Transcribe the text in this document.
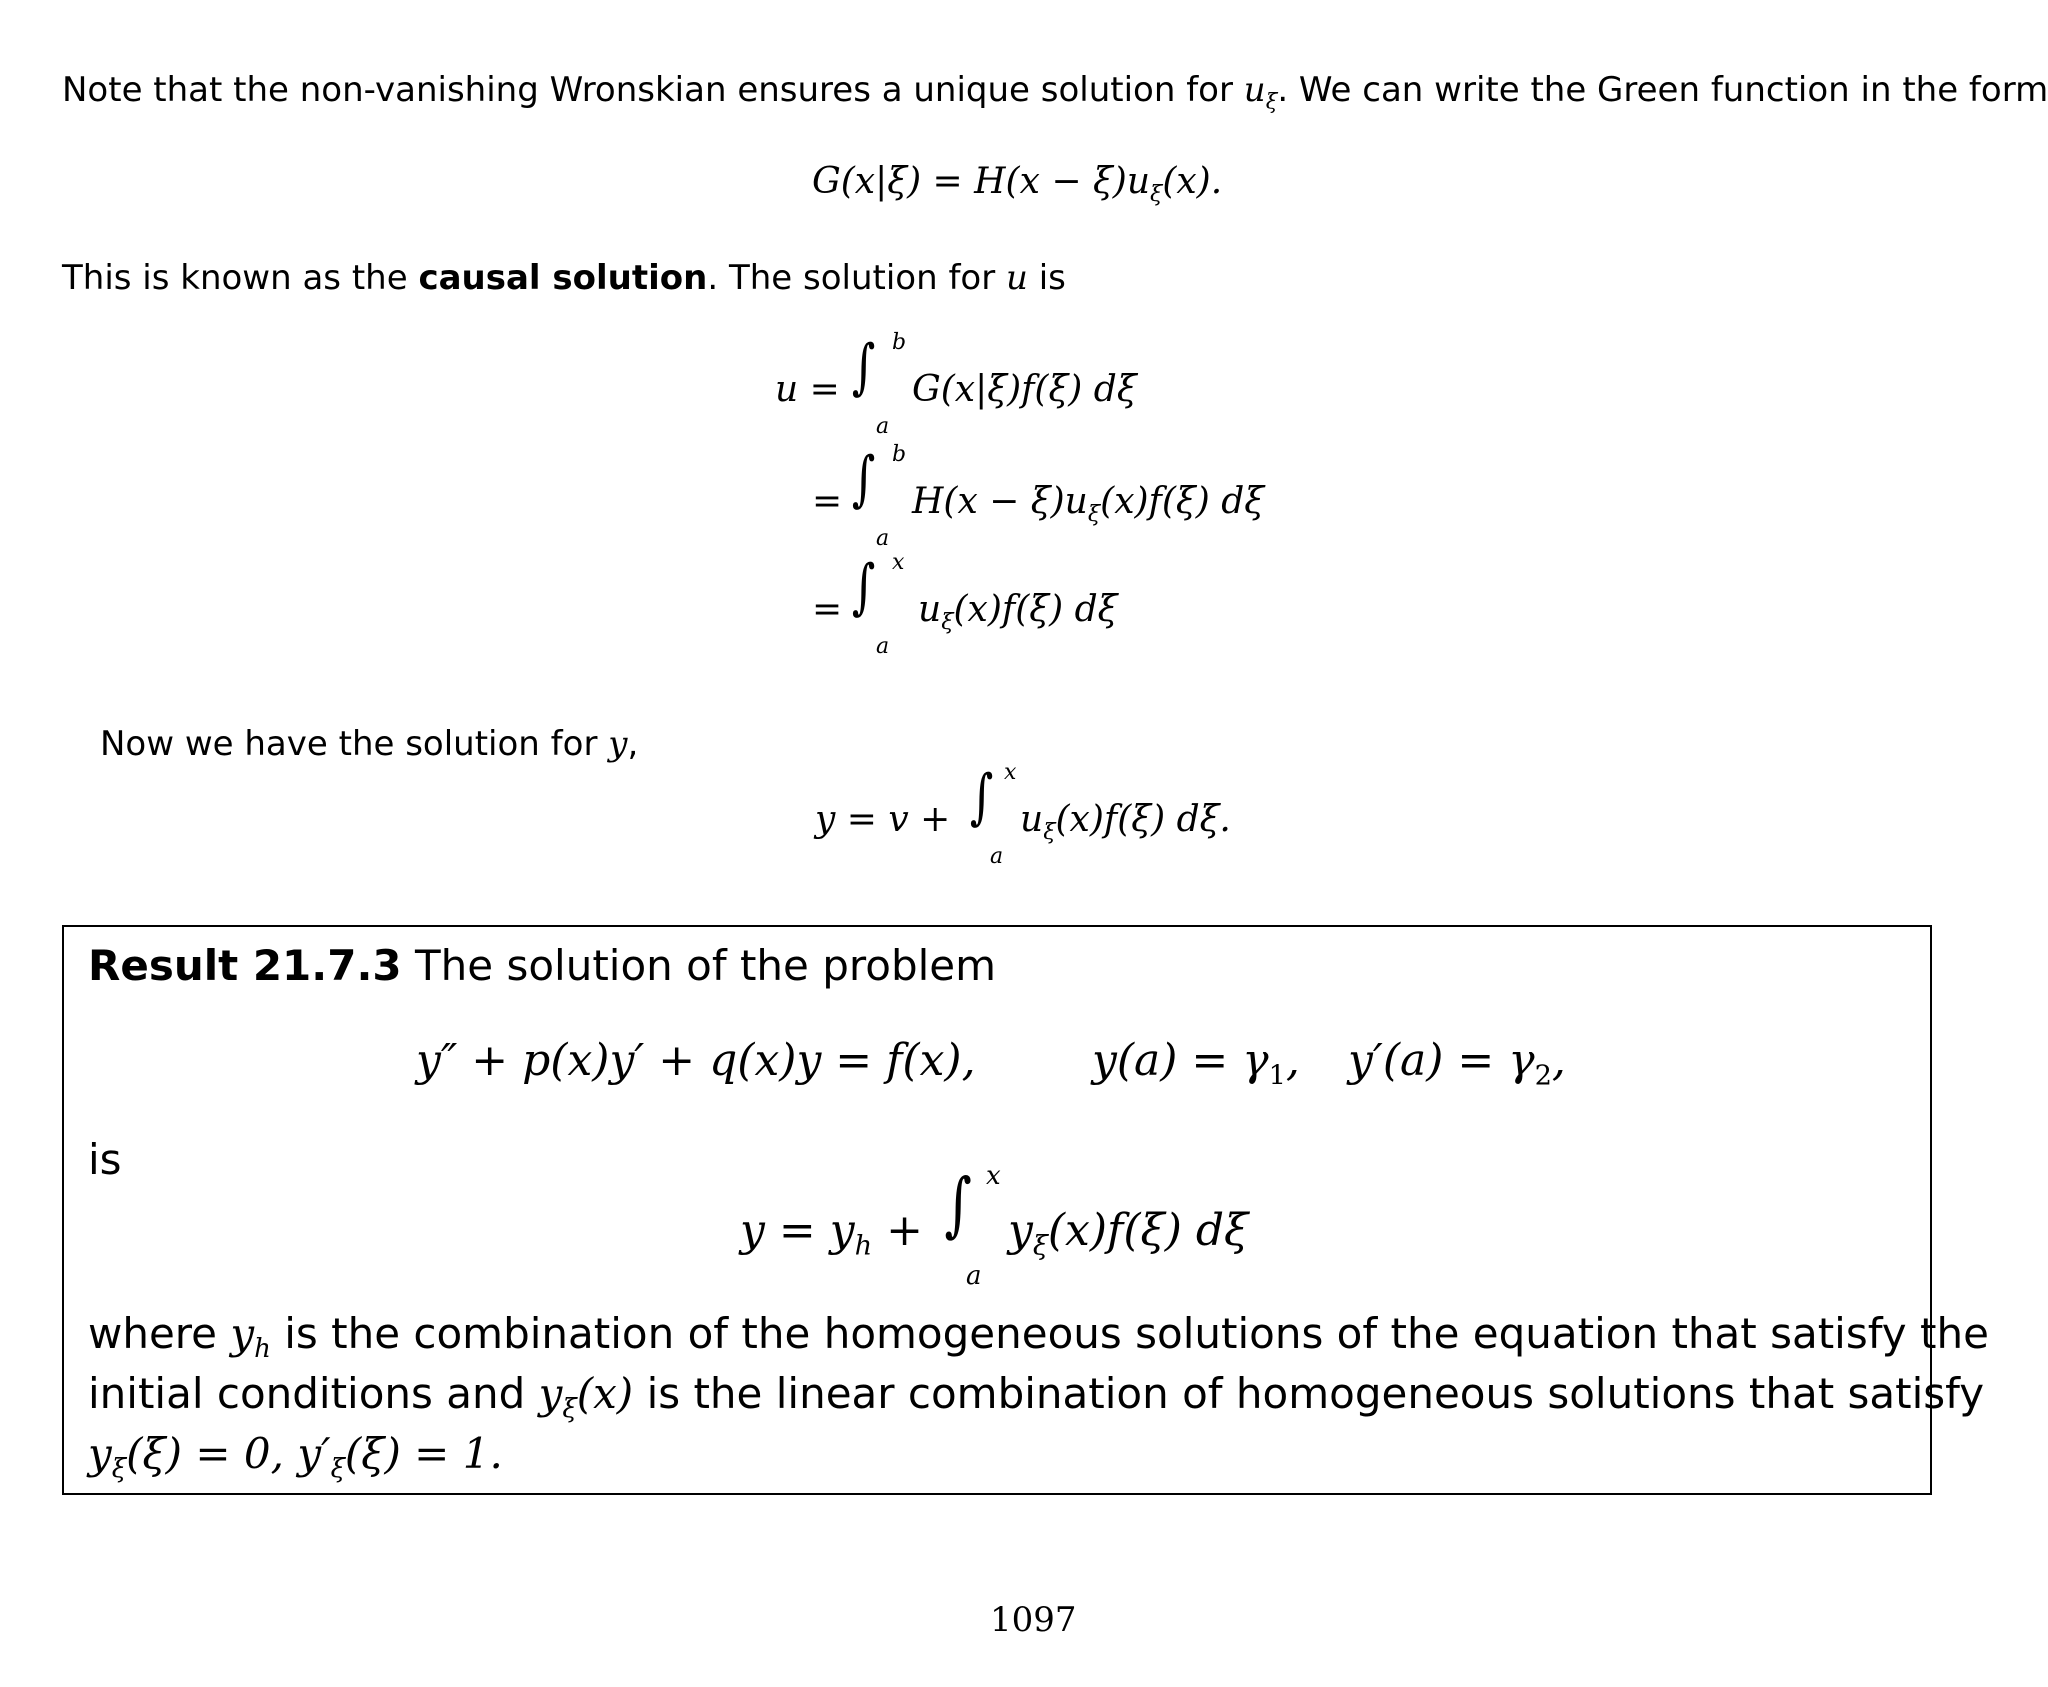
Note that the non-vanishing Wronskian ensures a unique solution for $u_\xi$. We can write the Green function in the form
$G(x|\xi) = H(x - \xi)u_\xi(x)$.
This is known as the causal solution. The solution for u is
u = ∫ b
a
G(x|ξ)f(ξ) dξ
= ∫ b
a
$H(x - \xi)u_\xi(x)f(\xi)$ dξ
= ∫ x
a
$u_\xi(x)f(\xi)$ dξ
Now we have the solution for y,
y = v + ∫ x
a
$u_\xi(x)f(\xi)$ dξ.
Result 21.7.3 The solution of the problem
y″ + p(x)y′ + q(x)y = f(x),	$y(a) = \gamma_1$, $y'(a) = \gamma_2$,
is
$y = y_h$ + ∫ x
a
$y_\xi(x)f(\xi)$ dξ
where $y_h$ is the combination of the homogeneous solutions of the equation that satisfy the
initial conditions and $y_\xi(x)$ is the linear combination of homogeneous solutions that satisfy
$y_\xi(\xi) = 0$, $y'_\xi(\xi) = 1$.
1097
